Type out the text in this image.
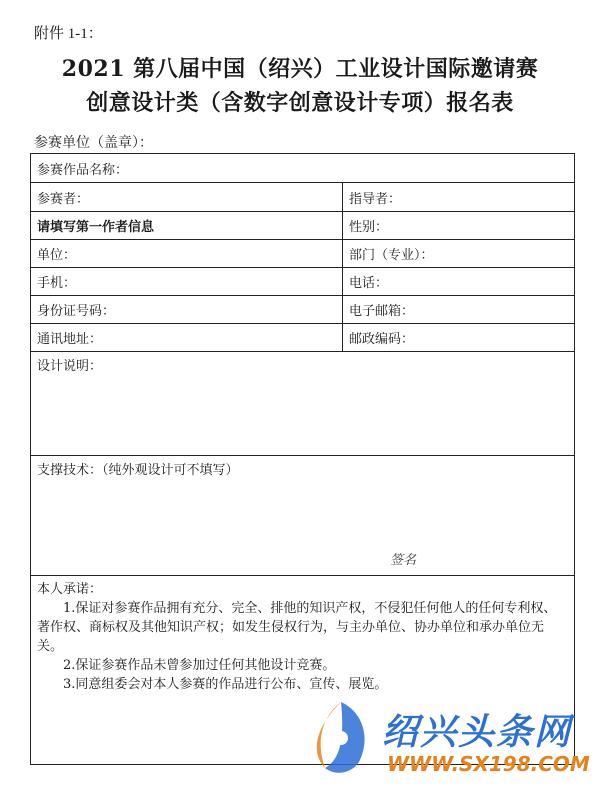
附件 1-1：
2021 第八届中国（绍兴）工业设计国际邀请赛
创意设计类（含数字创意设计专项）报名表
参赛单位（盖章）：
参赛作品名称：
参赛者：	指导者：
请填写第一作者信息	性别：
单位：	部门（专业）：
手机：	电话：
身份证号码：	电子邮箱：
通讯地址：	邮政编码：
设计说明：
支撑技术：（纯外观设计可不填写）

本人承诺：

1.保证对参赛作品拥有充分、完全、排他的知识产权，不侵犯任何他人的任何专利权、著作权、商标权及其他知识产权；如发生侵权行为，与主办单位、协办单位和承办单位无关。

2.保证参赛作品未曾参加过任何其他设计竞赛。

3.同意组委会对本人参赛的作品进行公布、宣传、展览。

签名
绍兴头条网
WWW.SX198.COM
